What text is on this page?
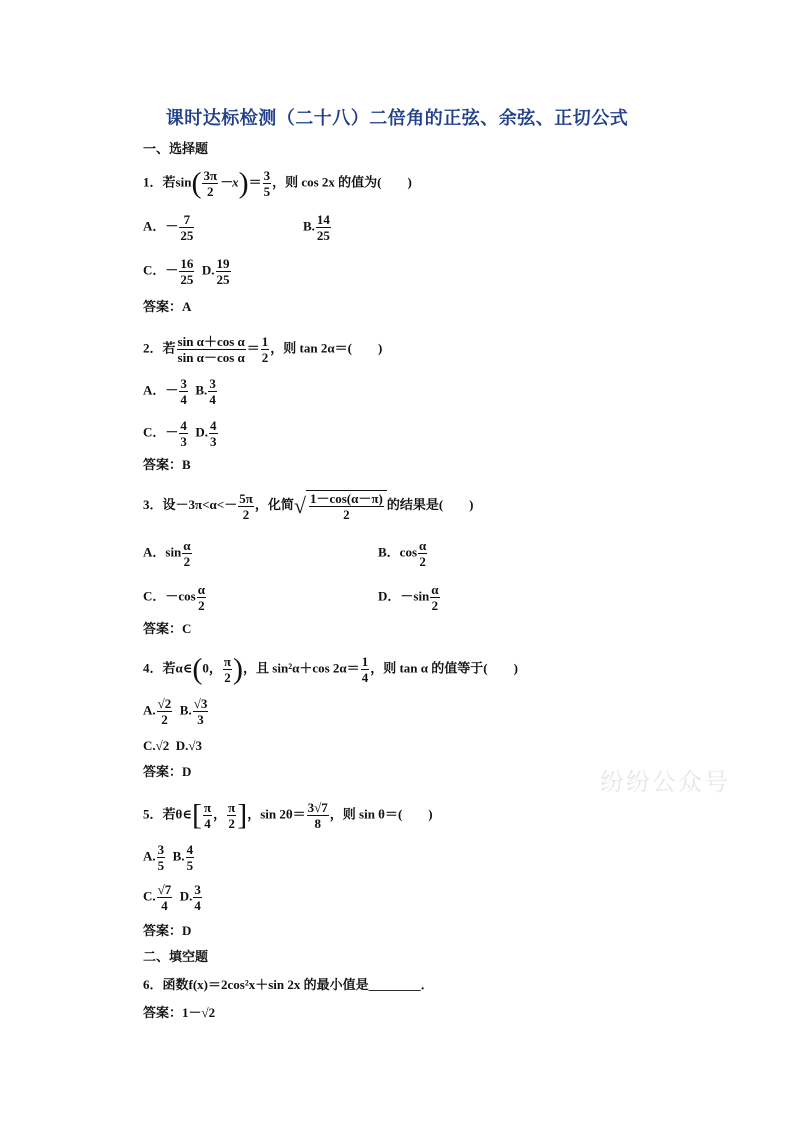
课时达标检测（二十八）二倍角的正弦、余弦、正切公式
一、选择题
1．若$\sin( \frac{3\pi}{2} -x)= \frac{3}{5}$ ，则 cos 2x 的值为(　　)
A．－ $\frac{7}{25}$	B. $\frac{14}{25}$
C．－ $\frac{16}{25} D$. $\frac{19}{25}$
答案：A
2．若 $\frac{\text{sin α＋cos α}}{\text{sin α－cos α}} = \frac{1}{2}$ ，则 tan 2α＝(　　)
A．－ $\frac{3}{4} B$. $\frac{3}{4}$
C．－ $\frac{4}{3} D$. $\frac{4}{3}$
答案：B
3．设$-3\pi<\alpha<- \frac{5\pi}{2}$ ，化简√ $\frac{1-\cos(\alpha-\pi)}{2}$ 的结果是(　　)
A．$\sin \frac{\alpha}{2}$	B．$\cos \frac{\alpha}{2}$
C．$-\cos \frac{\alpha}{2}$	D．$-\sin \frac{\alpha}{2}$
答案：C
4．若α∈(0， $\frac{\pi}{2}$ )，且 sin²α＋cos $2\alpha= \frac{1}{4}$ ，则 tan α 的值等于(　　)
A. $\frac{√2}{2} B$. $\frac{√3}{3}$
C.√2 D.√3
答案：D
5．若θ∈[ $\frac{\pi}{4}$ ， $\frac{\pi}{2}$ ]，$\sin 2\theta= \frac{3√7}{8}$ ，则 sin θ＝(　　)
A. $\frac{3}{5} B$. $\frac{4}{5}$
C. $\frac{√7}{4} D$. $\frac{3}{4}$
答案：D
二、填空题
6．函数f(x)＝2cos²x＋sin 2x 的最小值是________．
答案：1－√2
纷纷公众号
